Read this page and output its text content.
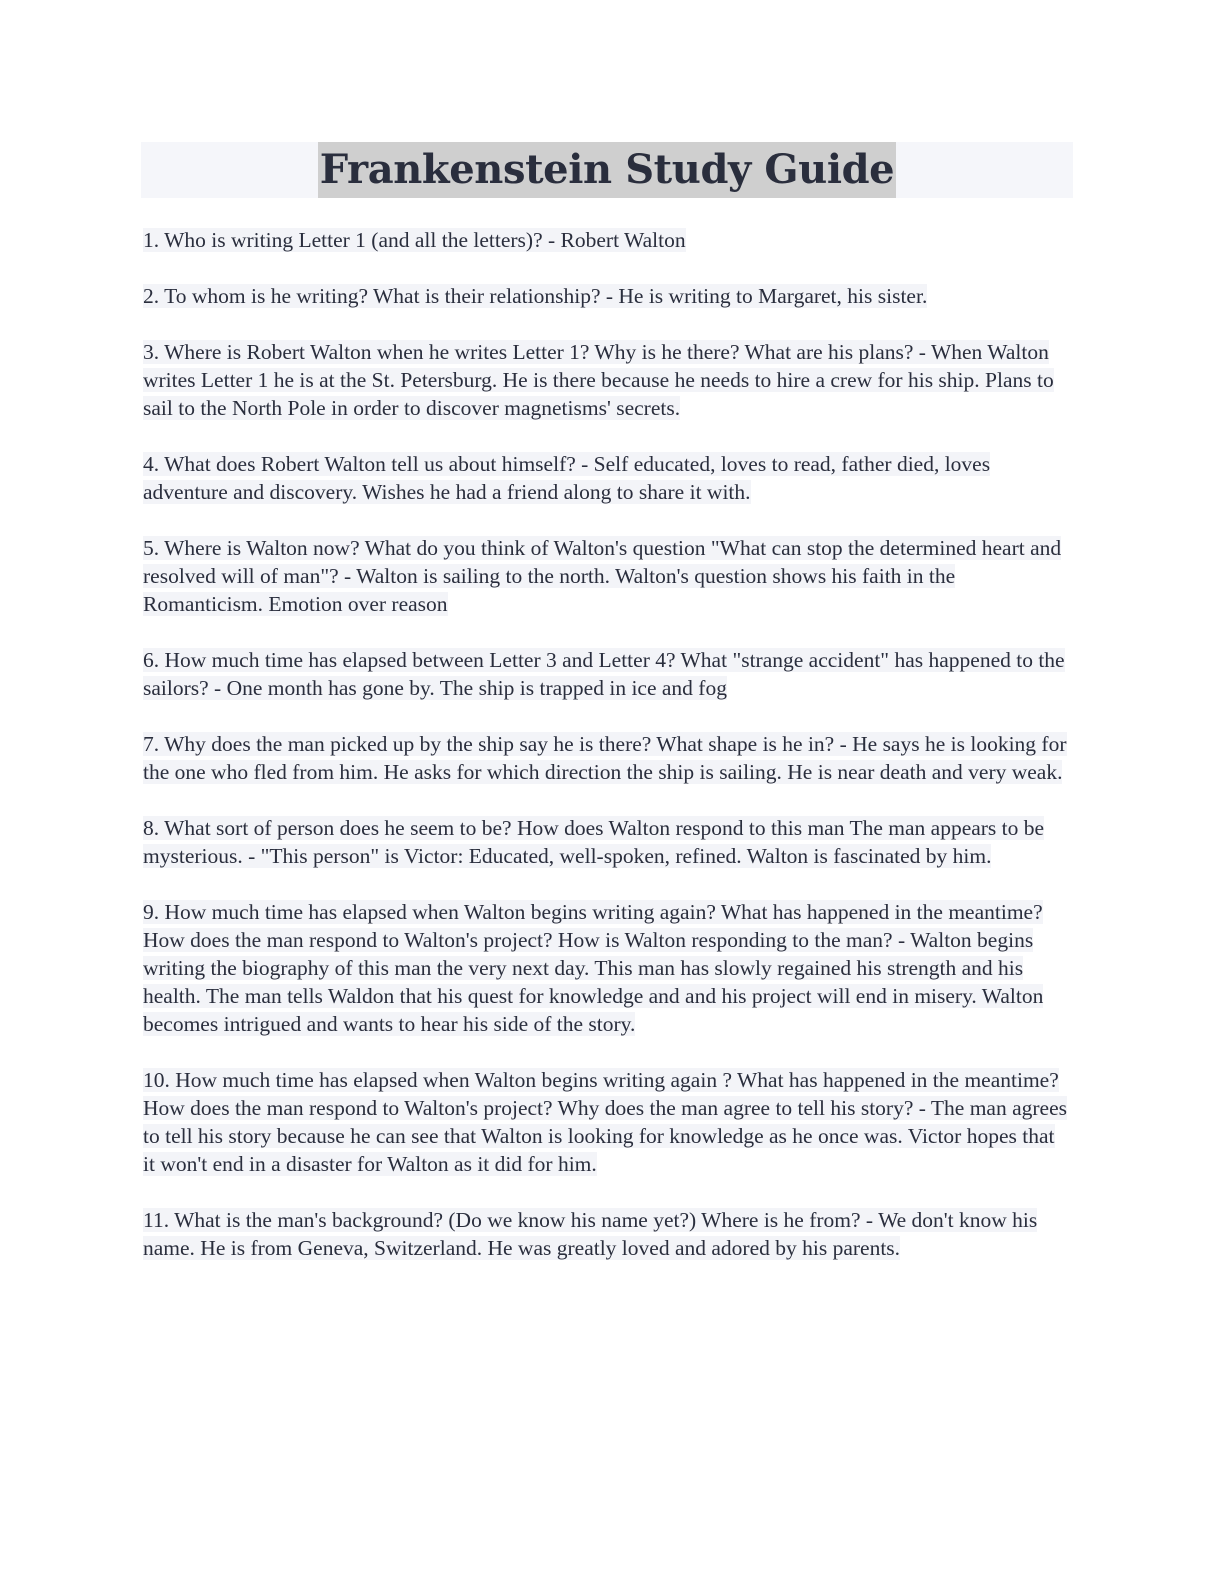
Frankenstein Study Guide

1. Who is writing Letter 1 (and all the letters)? - Robert Walton

2. To whom is he writing? What is their relationship? - He is writing to Margaret, his sister.

3. Where is Robert Walton when he writes Letter 1? Why is he there? What are his plans? - When Walton writes Letter 1 he is at the St. Petersburg. He is there because he needs to hire a crew for his ship. Plans to sail to the North Pole in order to discover magnetisms' secrets.

4. What does Robert Walton tell us about himself? - Self educated, loves to read, father died, loves adventure and discovery. Wishes he had a friend along to share it with.

5. Where is Walton now? What do you think of Walton's question "What can stop the determined heart and resolved will of man"? - Walton is sailing to the north. Walton's question shows his faith in the Romanticism. Emotion over reason

6. How much time has elapsed between Letter 3 and Letter 4? What "strange accident" has happened to the sailors? - One month has gone by. The ship is trapped in ice and fog

7. Why does the man picked up by the ship say he is there? What shape is he in? - He says he is looking for the one who fled from him. He asks for which direction the ship is sailing. He is near death and very weak.

8. What sort of person does he seem to be? How does Walton respond to this man The man appears to be mysterious. - "This person" is Victor: Educated, well-spoken, refined. Walton is fascinated by him.

9. How much time has elapsed when Walton begins writing again? What has happened in the meantime? How does the man respond to Walton's project? How is Walton responding to the man? - Walton begins writing the biography of this man the very next day. This man has slowly regained his strength and his health. The man tells Waldon that his quest for knowledge and and his project will end in misery. Walton becomes intrigued and wants to hear his side of the story.

10. How much time has elapsed when Walton begins writing again ? What has happened in the meantime? How does the man respond to Walton's project? Why does the man agree to tell his story? - The man agrees to tell his story because he can see that Walton is looking for knowledge as he once was. Victor hopes that it won't end in a disaster for Walton as it did for him.

11. What is the man's background? (Do we know his name yet?) Where is he from? - We don't know his name. He is from Geneva, Switzerland. He was greatly loved and adored by his parents.
